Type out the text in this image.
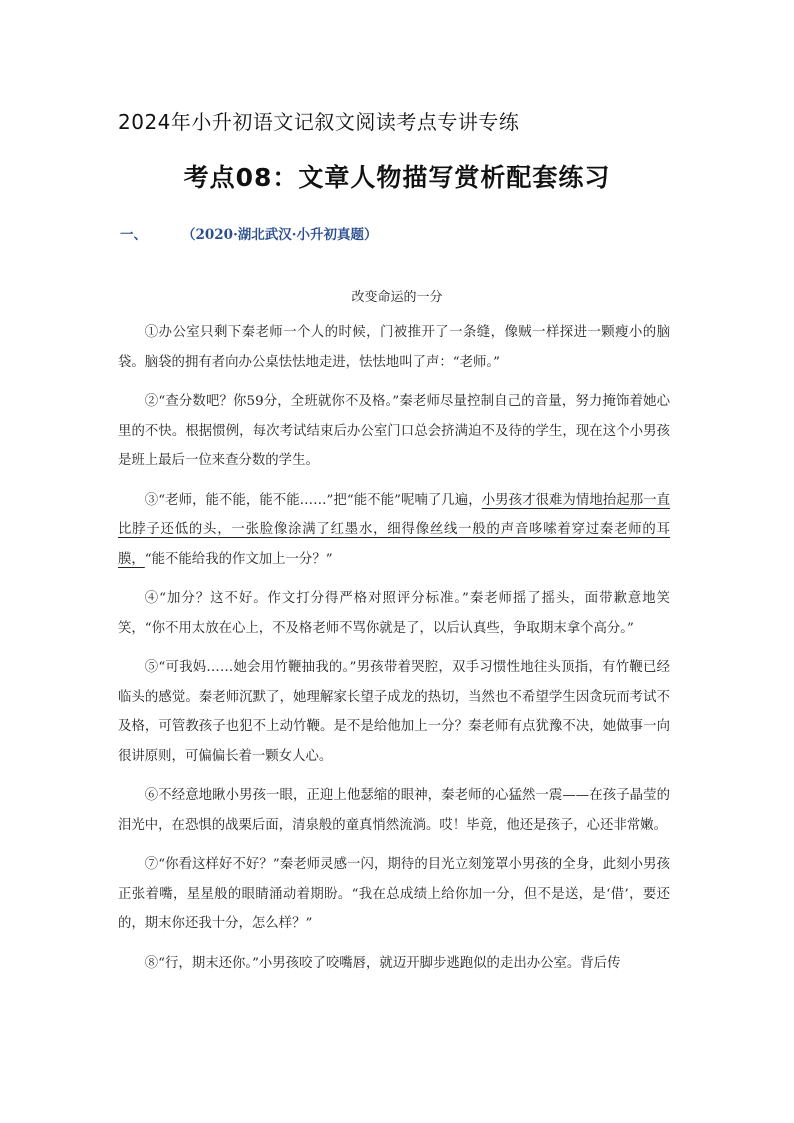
2024年小升初语文记叙文阅读考点专讲专练
考点08：文章人物描写赏析配套练习
一、	（2020·湖北武汉·小升初真题）
改变命运的一分

①办公室只剩下秦老师一个人的时候，门被推开了一条缝，像贼一样探进一颗瘦小的脑袋。脑袋的拥有者向办公桌怯怯地走进，怯怯地叫了声：“老师。”

②“查分数吧？你59分，全班就你不及格。”秦老师尽量控制自己的音量，努力掩饰着她心里的不快。根据惯例，每次考试结束后办公室门口总会挤满迫不及待的学生，现在这个小男孩是班上最后一位来查分数的学生。

③“老师，能不能，能不能……”把“能不能”呢喃了几遍，小男孩才很难为情地抬起那一直比脖子还低的头，一张脸像涂满了红墨水，细得像丝线一般的声音哆嗦着穿过秦老师的耳膜，“能不能给我的作文加上一分？”

④“加分？这不好。作文打分得严格对照评分标准。”秦老师摇了摇头，面带歉意地笑笑，“你不用太放在心上，不及格老师不骂你就是了，以后认真些，争取期末拿个高分。”

⑤“可我妈……她会用竹鞭抽我的。”男孩带着哭腔，双手习惯性地往头顶指，有竹鞭已经临头的感觉。秦老师沉默了，她理解家长望子成龙的热切，当然也不希望学生因贪玩而考试不及格，可管教孩子也犯不上动竹鞭。是不是给他加上一分？秦老师有点犹豫不决，她做事一向很讲原则，可偏偏长着一颗女人心。

⑥不经意地瞅小男孩一眼，正迎上他瑟缩的眼神，秦老师的心猛然一震——在孩子晶莹的泪光中，在恐惧的战栗后面，清泉般的童真悄然流淌。哎！毕竟，他还是孩子，心还非常嫩。

⑦“你看这样好不好？”秦老师灵感一闪，期待的目光立刻笼罩小男孩的全身，此刻小男孩正张着嘴，星星般的眼睛涌动着期盼。“我在总成绩上给你加一分，但不是送，是‘借’，要还的，期末你还我十分，怎么样？”

⑧“行，期末还你。”小男孩咬了咬嘴唇，就迈开脚步逃跑似的走出办公室。背后传
